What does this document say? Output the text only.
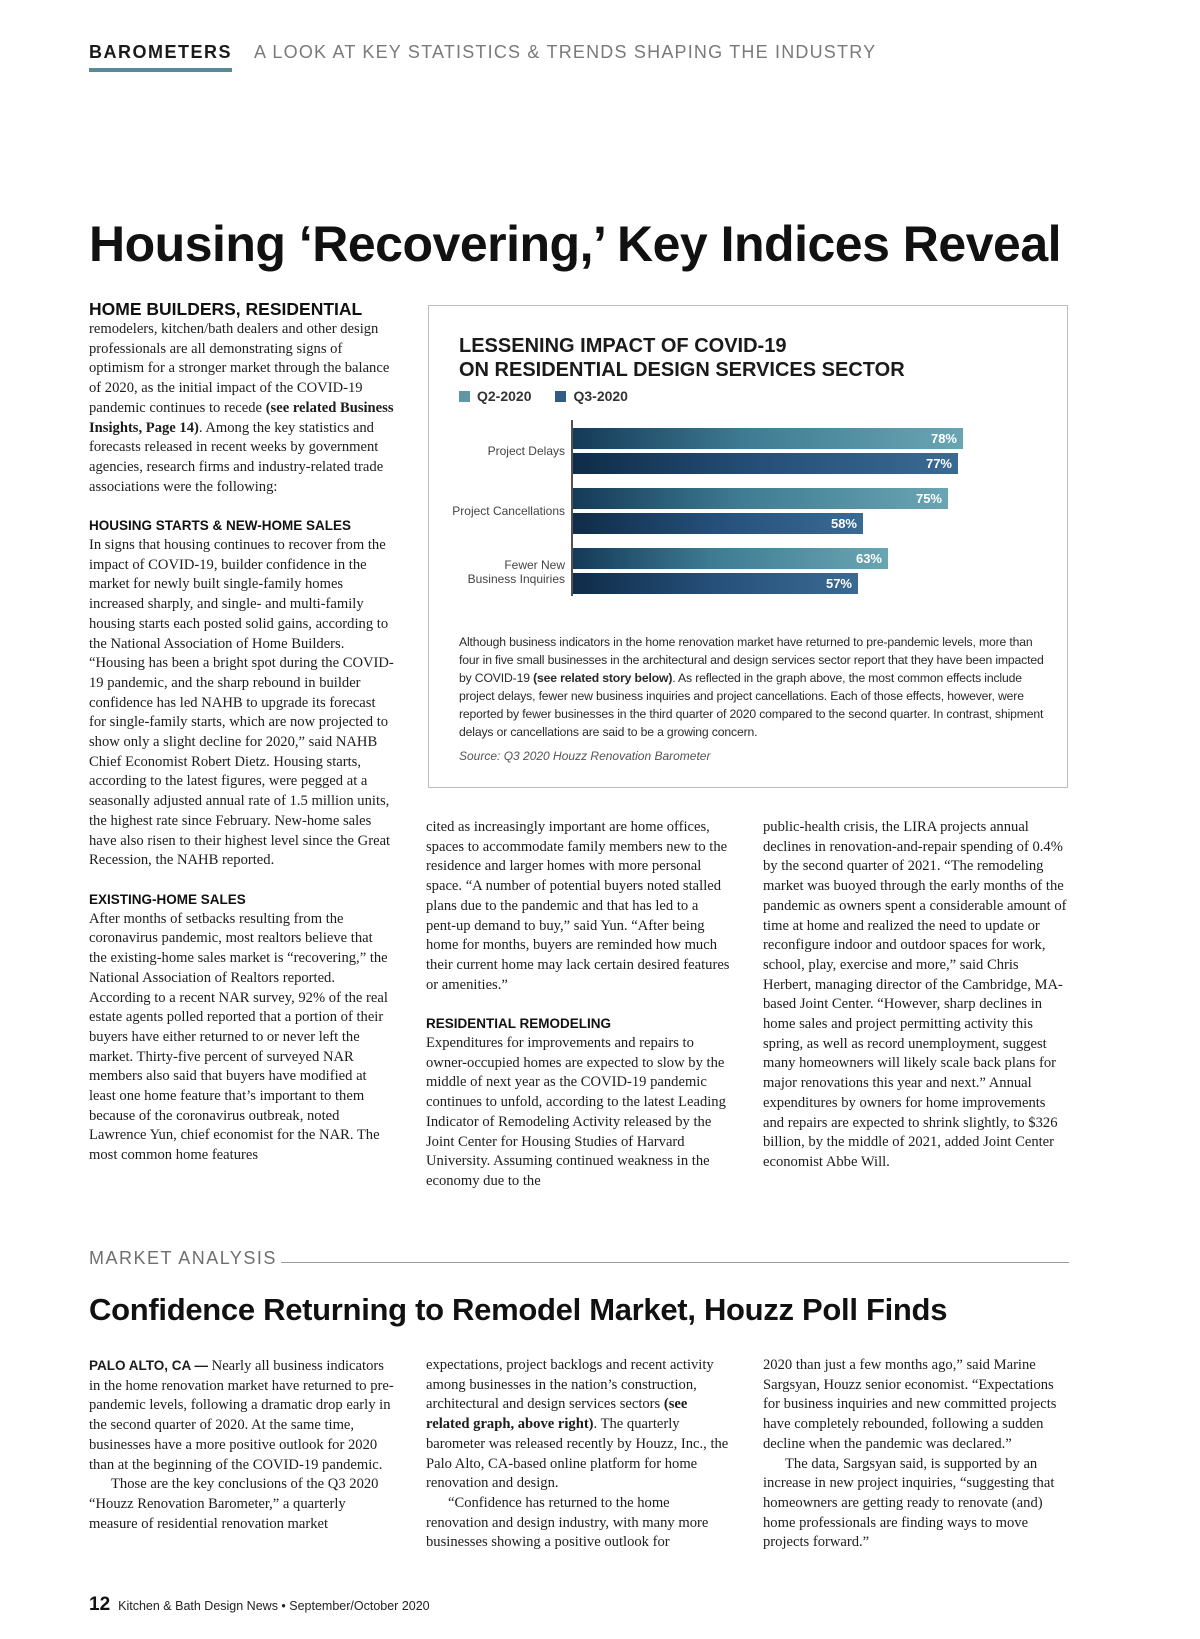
BAROMETERS A LOOK AT KEY STATISTICS & TRENDS SHAPING THE INDUSTRY
Housing ‘Recovering,’ Key Indices Reveal
HOME BUILDERS, RESIDENTIAL

remodelers, kitchen/bath dealers and other design professionals are all demonstrating signs of optimism for a stronger market through the balance of 2020, as the initial impact of the COVID-19 pandemic continues to recede (see related Business Insights, Page 14). Among the key statistics and forecasts released in recent weeks by government agencies, research firms and industry-related trade associations were the following:

HOUSING STARTS & NEW-HOME SALES

In signs that housing continues to recover from the impact of COVID-19, builder confidence in the market for newly built single-family homes increased sharply, and single- and multi-family housing starts each posted solid gains, according to the National Association of Home Builders. “Housing has been a bright spot during the COVID-19 pandemic, and the sharp rebound in builder confidence has led NAHB to upgrade its forecast for single-family starts, which are now projected to show only a slight decline for 2020,” said NAHB Chief Economist Robert Dietz. Housing starts, according to the latest figures, were pegged at a seasonally adjusted annual rate of 1.5 million units, the highest rate since February. New-home sales have also risen to their highest level since the Great Recession, the NAHB reported.

EXISTING-HOME SALES

After months of setbacks resulting from the coronavirus pandemic, most realtors believe that the existing-home sales market is “recovering,” the National Association of Realtors reported. According to a recent NAR survey, 92% of the real estate agents polled reported that a portion of their buyers have either returned to or never left the market. Thirty-five percent of surveyed NAR members also said that buyers have modified at least one home feature that’s important to them because of the coronavirus outbreak, noted Lawrence Yun, chief economist for the NAR. The most common home features

cited as increasingly important are home offices, spaces to accommodate family members new to the residence and larger homes with more personal space. “A number of potential buyers noted stalled plans due to the pandemic and that has led to a pent-up demand to buy,” said Yun. “After being home for months, buyers are reminded how much their current home may lack certain desired features or amenities.”

RESIDENTIAL REMODELING

Expenditures for improvements and repairs to owner-occupied homes are expected to slow by the middle of next year as the COVID-19 pandemic continues to unfold, according to the latest Leading Indicator of Remodeling Activity released by the Joint Center for Housing Studies of Harvard University. Assuming continued weakness in the economy due to the

public-health crisis, the LIRA projects annual declines in renovation-and-repair spending of 0.4% by the second quarter of 2021. “The remodeling market was buoyed through the early months of the pandemic as owners spent a considerable amount of time at home and realized the need to update or reconfigure indoor and outdoor spaces for work, school, play, exercise and more,” said Chris Herbert, managing director of the Cambridge, MA-based Joint Center. “However, sharp declines in home sales and project permitting activity this spring, as well as record unemployment, suggest many homeowners will likely scale back plans for major renovations this year and next.” Annual expenditures by owners for home improvements and repairs are expected to shrink slightly, to $326 billion, by the middle of 2021, added Joint Center economist Abbe Will.

LESSENING IMPACT OF COVID-19
ON RESIDENTIAL DESIGN SERVICES SECTOR
Q2-2020	Q3-2020
Project Delays
78%
77%
Project Cancellations
75%
58%
Fewer New Business Inquiries
63%
57%

Although business indicators in the home renovation market have returned to pre-pandemic levels, more than four in five small businesses in the architectural and design services sector report that they have been impacted by COVID-19 (see related story below). As reflected in the graph above, the most common effects include project delays, fewer new business inquiries and project cancellations. Each of those effects, however, were reported by fewer businesses in the third quarter of 2020 compared to the second quarter. In contrast, shipment delays or cancellations are said to be a growing concern.

Source: Q3 2020 Houzz Renovation Barometer
MARKET ANALYSIS
Confidence Returning to Remodel Market, Houzz Poll Finds

PALO ALTO, CA — Nearly all business indicators in the home renovation market have returned to pre-pandemic levels, following a dramatic drop early in the second quarter of 2020. At the same time, businesses have a more positive outlook for 2020 than at the beginning of the COVID-19 pandemic.

Those are the key conclusions of the Q3 2020 “Houzz Renovation Barometer,” a quarterly measure of residential renovation market

expectations, project backlogs and recent activity among businesses in the nation’s construction, architectural and design services sectors (see related graph, above right). The quarterly barometer was released recently by Houzz, Inc., the Palo Alto, CA-based online platform for home renovation and design.

“Confidence has returned to the home renovation and design industry, with many more businesses showing a positive outlook for

2020 than just a few months ago,” said Marine Sargsyan, Houzz senior economist. “Expectations for business inquiries and new committed projects have completely rebounded, following a sudden decline when the pandemic was declared.”

The data, Sargsyan said, is supported by an increase in new project inquiries, “suggesting that homeowners are getting ready to renovate (and) home professionals are finding ways to move projects forward.”

12 Kitchen & Bath Design News • September/October 2020
